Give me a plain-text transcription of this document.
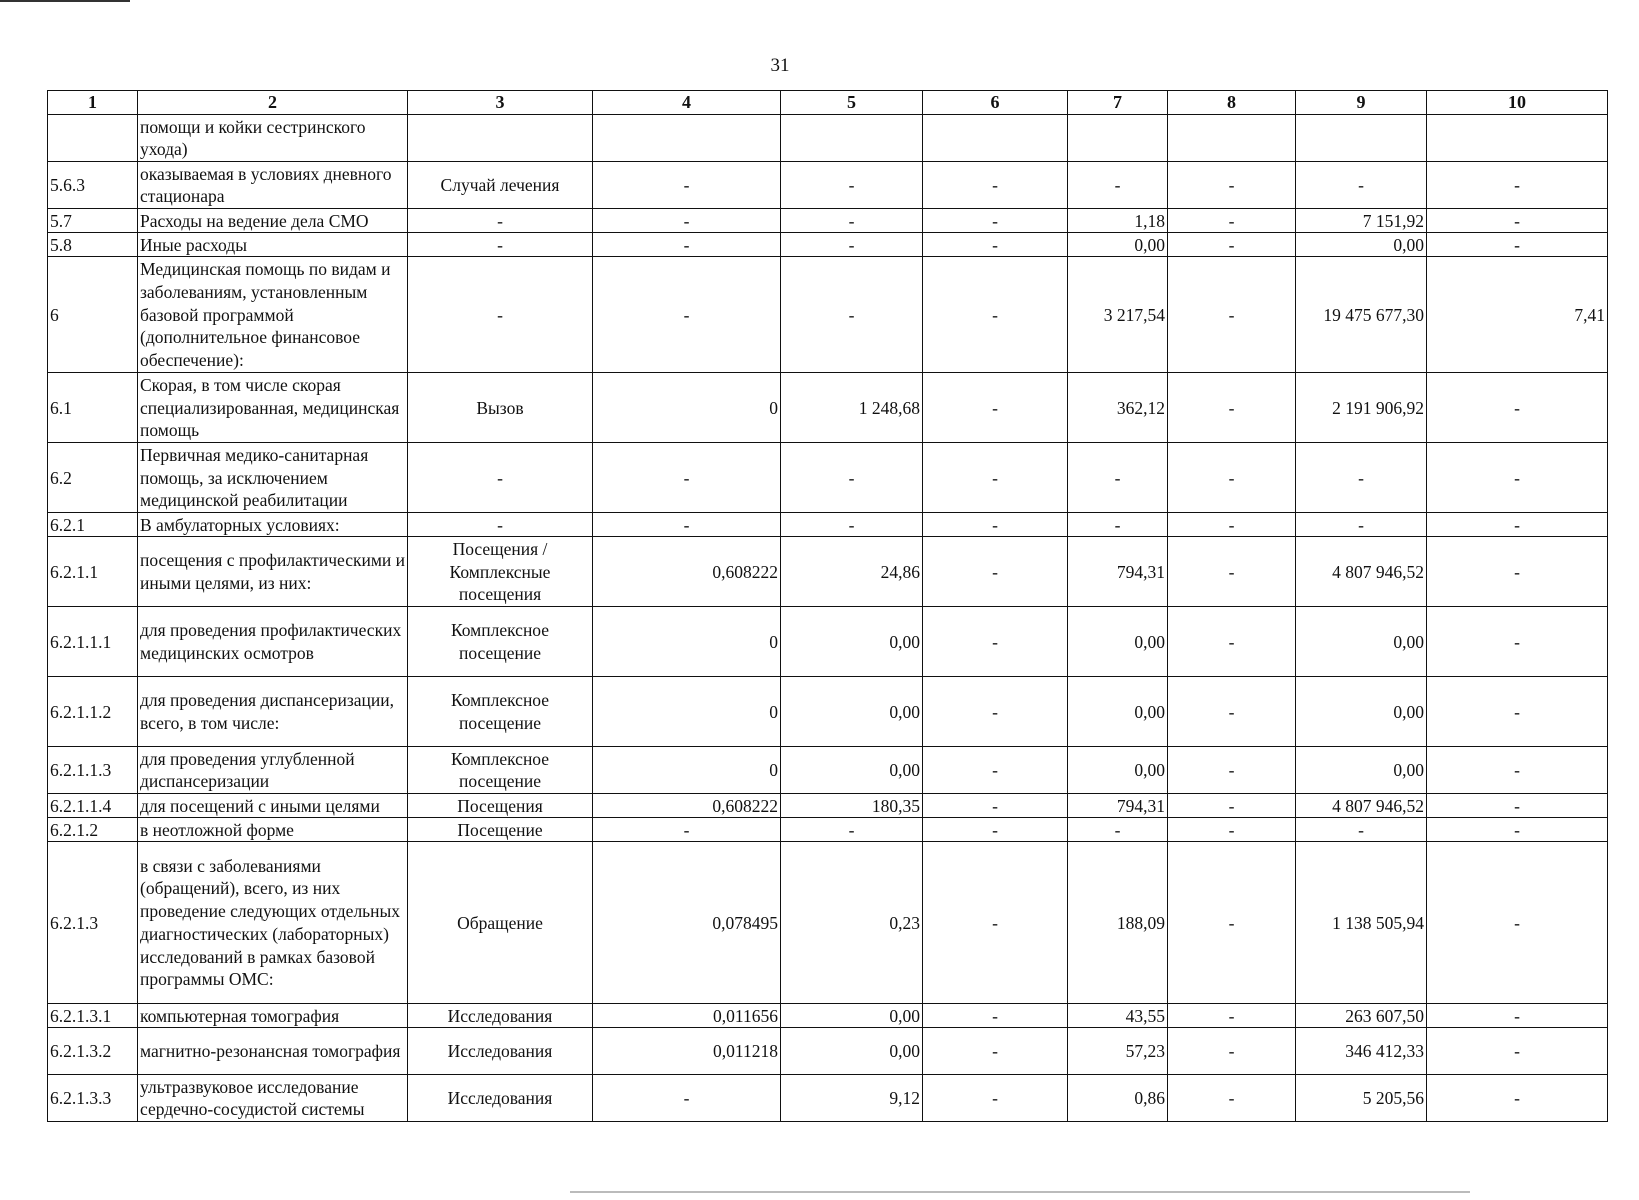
31
1	2	3	4	5	6	7	8	9	10
	помощи и койки сестринского ухода)								
5.6.3	оказываемая в условиях дневного стационара	Случай лечения	-	-	-	-	-	-	-
5.7	Расходы на ведение дела СМО	-	-	-	-	1,18	-	7 151,92	-
5.8	Иные расходы	-	-	-	-	0,00	-	0,00	-
6	Медицинская помощь по видам и заболеваниям, установленным базовой программой (дополнительное финансовое обеспечение):	-	-	-	-	3 217,54	-	19 475 677,30	7,41
6.1	Скорая, в том числе скорая специализированная, медицинская помощь	Вызов	0	1 248,68	-	362,12	-	2 191 906,92	-
6.2	Первичная медико-санитарная помощь, за исключением медицинской реабилитации	-	-	-	-	-	-	-	-
6.2.1	В амбулаторных условиях:	-	-	-	-	-	-	-	-
6.2.1.1	посещения с профилактическими и иными целями, из них:	Посещения / Комплексные посещения	0,608222	24,86	-	794,31	-	4 807 946,52	-
6.2.1.1.1	для проведения профилактических медицинских осмотров	Комплексное посещение	0	0,00	-	0,00	-	0,00	-
6.2.1.1.2	для проведения диспансеризации, всего, в том числе:	Комплексное посещение	0	0,00	-	0,00	-	0,00	-
6.2.1.1.3	для проведения углубленной диспансеризации	Комплексное посещение	0	0,00	-	0,00	-	0,00	-
6.2.1.1.4	для посещений с иными целями	Посещения	0,608222	180,35	-	794,31	-	4 807 946,52	-
6.2.1.2	в неотложной форме	Посещение	-	-	-	-	-	-	-
6.2.1.3	в связи с заболеваниями (обращений), всего, из них проведение следующих отдельных диагностических (лабораторных) исследований в рамках базовой программы ОМС:	Обращение	0,078495	0,23	-	188,09	-	1 138 505,94	-
6.2.1.3.1	компьютерная томография	Исследования	0,011656	0,00	-	43,55	-	263 607,50	-
6.2.1.3.2	магнитно-резонансная томография	Исследования	0,011218	0,00	-	57,23	-	346 412,33	-
6.2.1.3.3	ультразвуковое исследование сердечно-сосудистой системы	Исследования	-	9,12	-	0,86	-	5 205,56	-
